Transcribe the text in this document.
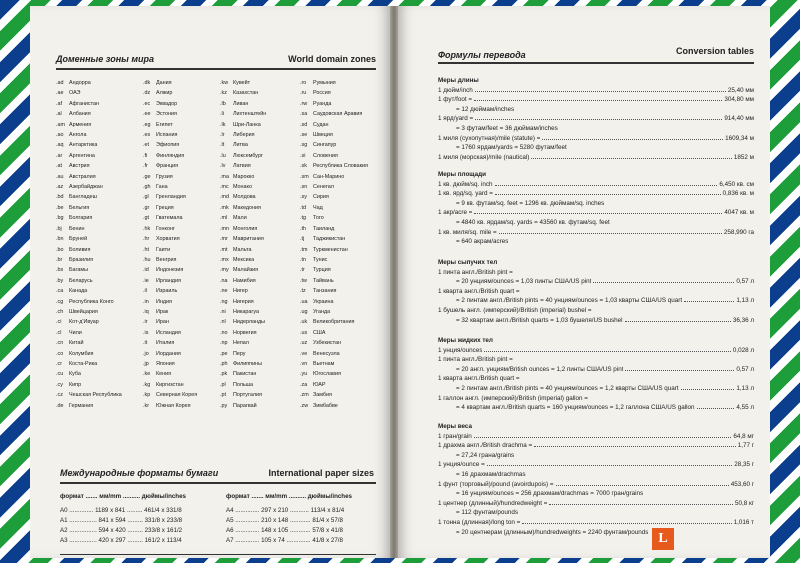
Доменные зоны мира	World domain zones
.ad Андорра
.ae ОАЭ
.af Афганистан
.al Албания
.am Армения
.ao Ангола
.aq Антарктика
.ar Аргентина
.at Австрия
.au Австралия
.az Азербайджан
.bd Бангладеш
.be Бельгия
.bg Болгария
.bj Бенин
.bn Бруней
.bo Боливия
.br Бразилия
.bs Багамы
.by Беларусь
.ca Канада
.cg Республика Конго
.ch Швейцария
.ci Кот-д'Ивуар
.cl Чили
.cn Китай
.co Колумбия
.cr Коста-Рика
.cu Куба
.cy Кипр
.cz Чешская Республика
.de Германия
.dk Дания
.dz Алжир
.ec Эквадор
.ee Эстония
.eg Египет
.es Испания
.et Эфиопия
.fi Финляндия
.fr Франция
.ge Грузия
.gh Гана
.gl Гренландия
.gr Греция
.gt Гватемала
.hk Гонконг
.hr Хорватия
.ht Гаити
.hu Венгрия
.id Индонезия
.ie Ирландия
.il Израиль
.in Индия
.iq Ирак
.ir Иран
.is Исландия
.it Италия
.jo Иордания
.jp Япония
.ke Кения
.kg Киргизстан
.kp Северная Корея
.kr Южная Корея
.kw Кувейт
.kz Казахстан
.lb Ливан
.li Лихтенштейн
.lk Шри-Ланка
.lr Либерия
.lt Литва
.lu Люксембург
.lv Латвия
.ma Марокко
.mc Монако
.md Молдова
.mk Македония
.ml Мали
.mn Монголия
.mr Мавритания
.mt Мальта
.mx Мексика
.my Малайзия
.na Намибия
.ne Нигер
.ng Нигерия
.ni Никарагуа
.nl Нидерланды
.no Норвегия
.np Непал
.pe Перу
.ph Филиппины
.pk Пакистан
.pl Польша
.pt Португалия
.py Парагвай
.ro Румыния
.ru Россия
.rw Руанда
.sa Саудовская Аравия
.sd Судан
.se Швеция
.sg Сингапур
.si Словения
.sk Республика Словакия
.sm Сан-Марино
.sn Сенегал
.sy Сирия
.td Чад
.tg Того
.th Таиланд
.tj Таджикистан
.tm Туркменистан
.tn Тунис
.tr Турция
.tw Тайвань
.tz Танзания
.ua Украина
.ug Уганда
.uk Великобритания
.us США
.uz Узбекистан
.ve Венесуэла
.vn Вьетнам
.yu Югославия
.za ЮАР
.zm Замбия
.zw Зимбабве
Международные форматы бумаги	International paper sizes
формат ....... мм/mm .......... дюймы/inches
A0 .............. 1189 x 841 ......... 461/4 x 331/8
A1 ................ 841 x 594 ......... 331/8 x 233/8
A2 ................ 594 x 420 ......... 233/8 x 161/2
A3 ................ 420 x 297 ......... 161/2 x 113/4
формат ....... мм/mm .......... дюймы/inches
A4 .............. 297 x 210 ........... 113/4 x 81/4
A5 .............. 210 x 148 ............ 81/4 x 57/8
A6 .............. 148 x 105 ............ 57/8 x 41/8
A7 .............. 105 x 74 .............. 41/8 x 27/8
Формулы перевода	Conversion tables
Меры длины
1 дюйм/inch	25,40 мм
1 фут/foot =	304,80 мм
= 12 дюймам/inches
1 ярд/yard =	914,40 мм
= 3 футам/feet = 36 дюймам/inches
1 миля (сухопутная)/mile (statute) =	1609,34 м
= 1760 ярдам/yards = 5280 футам/feet
1 миля (морская)/mile (nautical)	1852 м
Меры площади
1 кв. дюйм/sq. inch	6,450 кв. см
1 кв. ярд/sq. yard =	0,836 кв. м
= 9 кв. футам/sq. feet = 1296 кв. дюймам/sq. inches
1 акр/acre =	4047 кв. м
= 4840 кв. ярдам/sq. yards = 43560 кв. футам/sq. feet
1 кв. миля/sq. mile =	258,990 га
= 640 акрам/acres
Меры сыпучих тел
1 пинта англ./British pint =
= 20 унциям/ounces = 1,03 пинты США/US pint	0,57 л
1 кварта англ./British quart =
= 2 пинтам англ./British pints = 40 унциям/ounces = 1,03 кварты США/US quart	1,13 л
1 бушель англ. (имперский)/British (imperial) bushel =
= 32 квартам англ./British quarts = 1,03 бушеля/US bushel	36,36 л
Меры жидких тел
1 унция/ounces	0,028 л
1 пинта англ./British pint =
= 20 англ. унциям/British ounces = 1,2 пинты США/US pint	0,57 л
1 кварта англ./British quart =
= 2 пинтам англ./British pints = 40 унциям/ounces = 1,2 кварты США/US quart	1,13 л
1 галлон англ. (имперский)/British (imperial) gallon =
= 4 квартам англ./British quarts = 160 унциям/ounces = 1,2 галлона США/US gallon	4,55 л
Меры веса
1 гран/grain	64,8 мг
1 драхма англ./British drachma =	1,77 г
= 27,24 грана/grains
1 унция/ounce =	28,35 г
= 16 драхмам/drachmas
1 фунт (торговый)/pound (avoirdupois) =	453,60 г
= 16 унциям/ounces = 256 драхмам/drachmas = 7000 гран/grains
1 центнер (длинный)/hundredweight =	50,8 кг
= 112 фунтам/pounds
1 тонна (длинная)/long ton =	1,016 т
= 20 центнерам (длинным)/hundredweights = 2240 фунтам/pounds L
